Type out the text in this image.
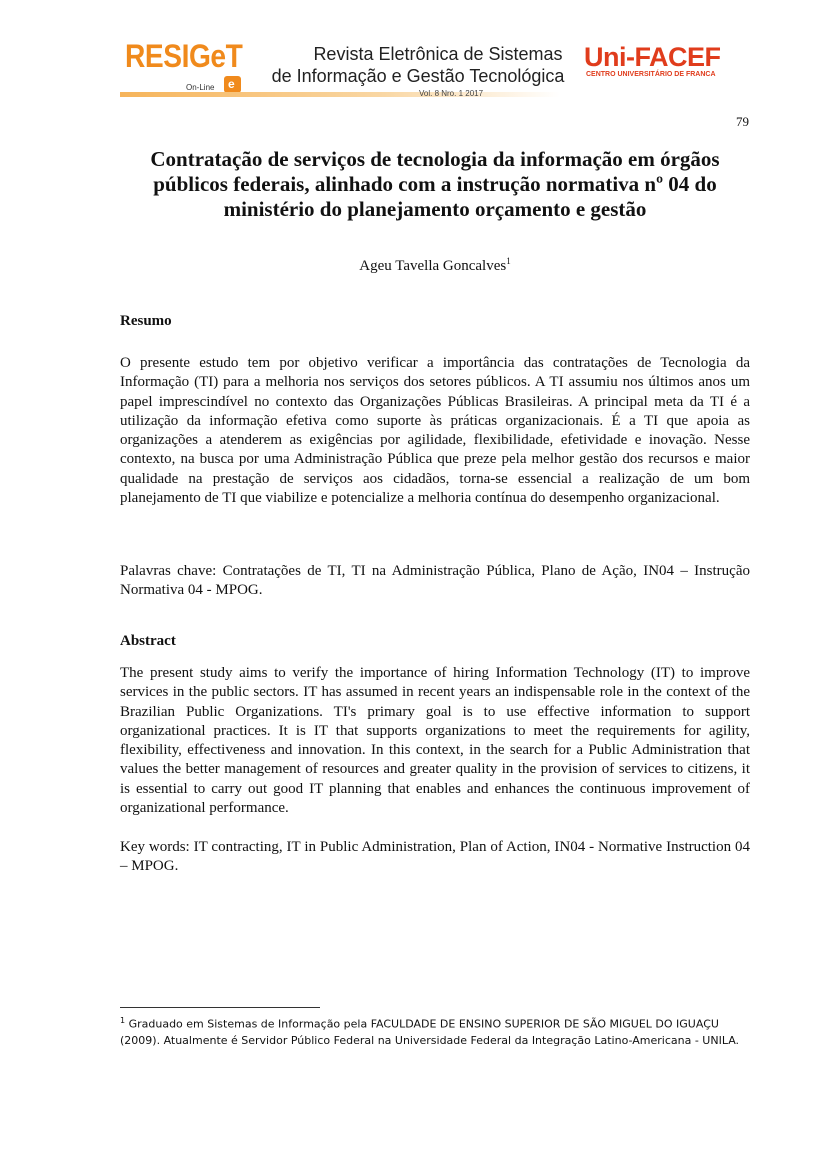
RESIGeT
On-Line e
Revista Eletrônica de Sistemas
de Informação e Gestão Tecnológica
Vol. 8 Nro. 1 2017
Uni-FACEF
CENTRO UNIVERSITÁRIO DE FRANCA
79
Contratação de serviços de tecnologia da informação em órgãos públicos federais, alinhado com a instrução normativa nº 04 do ministério do planejamento orçamento e gestão
Ageu Tavella Goncalves$^1$
Resumo

O presente estudo tem por objetivo verificar a importância das contratações de Tecnologia da Informação (TI) para a melhoria nos serviços dos setores públicos. A TI assumiu nos últimos anos um papel imprescindível no contexto das Organizações Públicas Brasileiras. A principal meta da TI é a utilização da informação efetiva como suporte às práticas organizacionais. É a TI que apoia as organizações a atenderem as exigências por agilidade, flexibilidade, efetividade e inovação. Nesse contexto, na busca por uma Administração Pública que preze pela melhor gestão dos recursos e maior qualidade na prestação de serviços aos cidadãos, torna-se essencial a realização de um bom planejamento de TI que viabilize e potencialize a melhoria contínua do desempenho organizacional.

Palavras chave: Contratações de TI, TI na Administração Pública, Plano de Ação, IN04 – Instrução Normativa 04 - MPOG.

Abstract

The present study aims to verify the importance of hiring Information Technology (IT) to improve services in the public sectors. IT has assumed in recent years an indispensable role in the context of the Brazilian Public Organizations. TI's primary goal is to use effective information to support organizational practices. It is IT that supports organizations to meet the requirements for agility, flexibility, effectiveness and innovation. In this context, in the search for a Public Administration that values the better management of resources and greater quality in the provision of services to citizens, it is essential to carry out good IT planning that enables and enhances the continuous improvement of organizational performance.

Key words: IT contracting, IT in Public Administration, Plan of Action, IN04 - Normative Instruction 04 – MPOG.

$^1$ Graduado em Sistemas de Informação pela FACULDADE DE ENSINO SUPERIOR DE SÃO MIGUEL DO IGUAÇU (2009). Atualmente é Servidor Público Federal na Universidade Federal da Integração Latino-Americana - UNILA.
